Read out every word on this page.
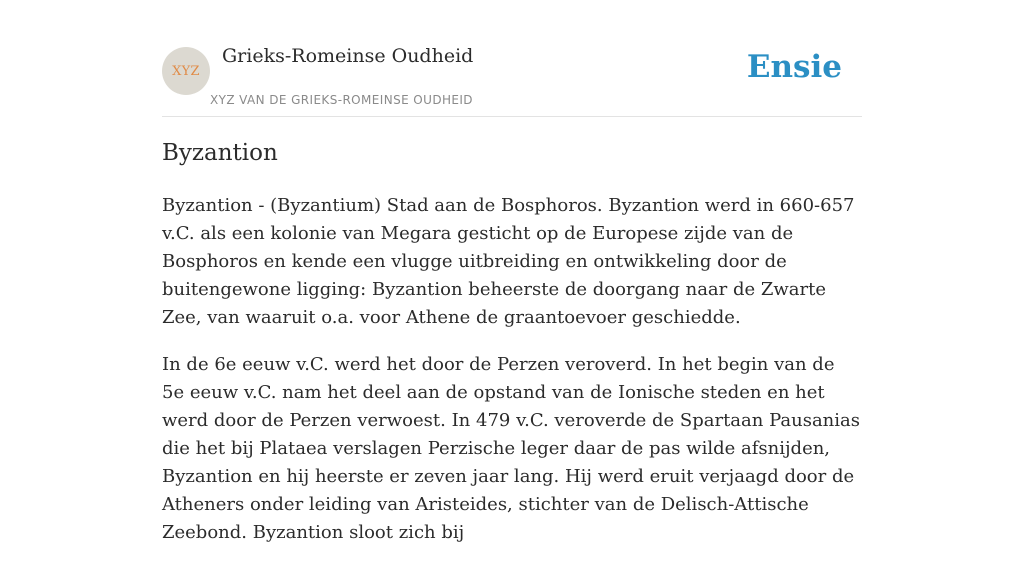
XYZ
Grieks-Romeinse Oudheid
XYZ VAN DE GRIEKS-ROMEINSE OUDHEID
Ensie
Byzantion

Byzantion - (Byzantium) Stad aan de Bosphoros. Byzantion werd in 660-657 v.C. als een kolonie van Megara gesticht op de Europese zijde van de Bosphoros en kende een vlugge uitbreiding en ontwikkeling door de buitengewone ligging: Byzantion beheerste de doorgang naar de Zwarte Zee, van waaruit o.a. voor Athene de graantoevoer geschiedde.

In de 6e eeuw v.C. werd het door de Perzen veroverd. In het begin van de 5e eeuw v.C. nam het deel aan de opstand van de Ionische steden en het werd door de Perzen verwoest. In 479 v.C. veroverde de Spartaan Pausanias die het bij Plataea verslagen Perzische leger daar de pas wilde afsnijden, Byzantion en hij heerste er zeven jaar lang. Hij werd eruit verjaagd door de Atheners onder leiding van Aristeides, stichter van de Delisch-Attische Zeebond. Byzantion sloot zich bij
